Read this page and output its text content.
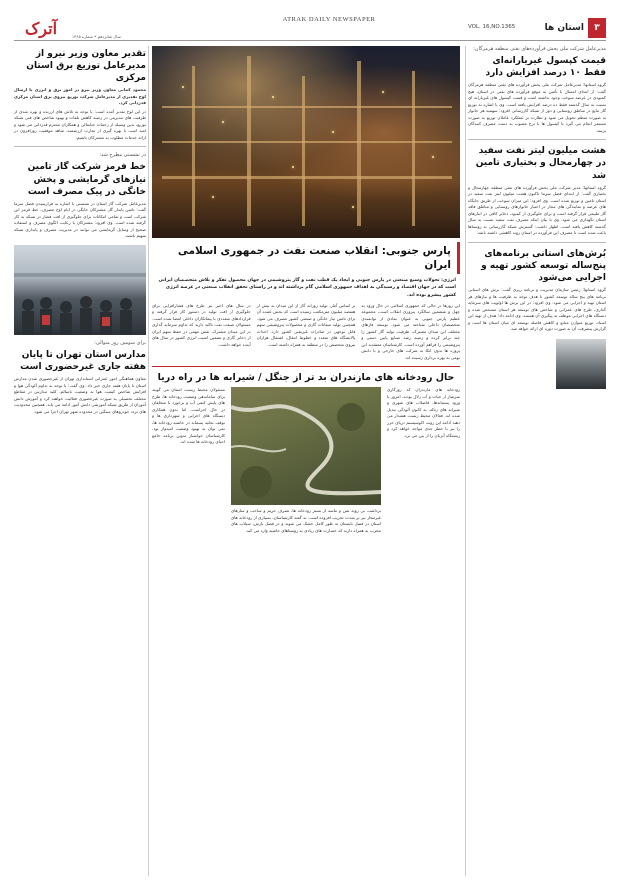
آترک	سال شانزدهم • شماره ۱۳۶۵
ATRAK DAILY NEWSPAPER
۳
استان ها
VOL. 16,NO.1365
مدیرعامل شرکت ملی پخش فرآورده‌های نفتی منطقه هرمزگان:
قیمت کپسول غیریارانه‌ای فقط ۱۰ درصد افزایش دارد
گروه استانها: مدیرعامل شرکت ملی پخش فرآورده های نفتی منطقه هرمزگان گفت: از ابتدای امسال با تأمین به موقع فرآورده های نفتی در استان، هیچ کمبودی در عرضه سوخت وجود نداشته است و قیمت کپسول های غیریارانه ای نسبت به سال گذشته فقط ده درصد افزایش یافته است. وی با اشاره به توزیع گاز مایع در مناطق روستایی و دور از شبکه گازرسانی افزود: سهمیه هر خانوار به صورت منظم تحویل می شود و نظارت بر عملکرد عاملان توزیع به صورت مستمر انجام می گیرد تا کپسول ها با نرخ مصوب به دست مصرف کنندگان برسد.
هشت میلیون لیتر نفت سفید در چهارمحال و بختیاری تامین شد
گروه استانها: مدیر شرکت ملی پخش فرآورده های نفتی منطقه چهارمحال و بختیاری گفت: از ابتدای فصل سرما تاکنون هشت میلیون لیتر نفت سفید در استان تامین و توزیع شده است. وی افزود: این میزان سوخت از طریق جایگاه های عرضه و نمایندگی های مجاز در اختیار خانوارهای روستایی و مناطق فاقد گاز طبیعی قرار گرفته است و برای جلوگیری از کمبود، ذخایر کافی در انبارهای استان نگهداری می شود. وی با بیان اینکه مصرف نفت سفید نسبت به سال گذشته کاهش یافته است، اظهار داشت: گسترش شبکه گازرسانی به روستاها باعث شده است تا مصرف این فرآورده در استان روند کاهشی داشته باشد.
بُرش‌های استانی برنامه‌های پنج‌ساله توسعه کشور تهیه و اجرایی می‌شود
گروه استانها: رئیس سازمان مدیریت و برنامه ریزی گفت: برش های استانی برنامه های پنج ساله توسعه کشور با هدف توجه به ظرفیت ها و نیازهای هر استان تهیه و اجرایی می شود. وی افزود: در این برش ها اولویت های سرمایه گذاری، طرح های عمرانی و شاخص های توسعه هر استان مشخص شده و دستگاه های اجرایی موظف به پیگیری آن هستند. وی ادامه داد: هدف از تهیه این اسناد، توزیع متوازن منابع و کاهش فاصله توسعه ای میان استان ها است و گزارش پیشرفت آن به صورت دوره ای ارائه خواهد شد.
تقدیر معاون وزیر نیرو از مدیرعامل توزیع برق استان مرکزی
محمود کمانی معاون وزیر نیرو در امور برق و انرژی با ارسال لوح تقدیری از مدیرعامل شرکت توزیع نیروی برق استان مرکزی قدردانی کرد.
در این لوح تقدیر آمده است: با توجه به تلاش های ارزنده و بهره مندی از ظرفیت های مدیریتی در زمینه کاهش تلفات و بهبود شاخص های فنی شبکه توزیع، بدین وسیله از زحمات جنابعالی و همکاران محترم قدردانی می شود و امید است با بهره گیری از تجارب ارزشمند، شاهد موفقیت روزافزون در ارائه خدمات مطلوب به مشترکان باشیم.
در نشستی مطرح شد:
خط فرمز شرکت گاز تامین نیازهای گرمایشی و پخش خانگی در پیک مصرف است
مدیرعامل شرکت گاز استان در نشستی با اشاره به فرارسیدن فصل سرما گفت: تامین پایدار گاز مشترکان خانگی در ایام اوج مصرف، خط قرمز این شرکت است و تمامی امکانات برای جلوگیری از افت فشار در شبکه به کار گرفته شده است. وی افزود: مشترکان با رعایت الگوی مصرف و استفاده صحیح از وسایل گرمایشی می توانند در مدیریت مصرف و پایداری شبکه سهیم باشند.
برای سومین روز متوالی:
مدارس استان تهران تا پایان هفته جاری غیرحضوری است
معاون هماهنگی امور عمرانی استانداری تهران از غیرحضوری شدن مدارس استان تا پایان هفته جاری خبر داد. وی گفت: با توجه به تداوم آلودگی هوا و افزایش شاخص کیفیت هوا به وضعیت ناسالم، کلیه مدارس در مقاطع مختلف تحصیلی به صورت غیرحضوری فعالیت خواهند کرد و آموزش دانش آموزان از طریق شبکه آموزشی دانش آموز ادامه می یابد. همچنین محدودیت های تردد خودروهای سنگین در محدوده شهر تهران اجرا می شود.
پارس جنوبی: انقلاب صنعت نفت در جمهوری اسلامی ایران
انرژی: تحولات وسیع صنعتی در پارس جنوبی و ایجاد یک قطب نفت و گاز پتروشیمی در جهان محصول تفکر و تلاش متخصصان ایرانی است که در جهان اقتصاد و رسیدگی به اهداف جمهوری اسلامی گام برداشته اند و در راستای تحقق انقلاب صنعتی در عرصه انرژی کشور پیشرو بوده اند.
این روزها در حالی که جمهوری اسلامی در حال ورود به چهل و ششمین سالگرد پیروزی انقلاب است، مجموعه عظیم پارس جنوبی به عنوان نمادی از توانمندی متخصصان داخلی شناخته می شود. توسعه فازهای مختلف این میدان مشترک، ظرفیت تولید گاز کشور را چند برابر کرده و زمینه رشد صنایع پایین دستی و پتروشیمی را فراهم آورده است. کارشناسان معتقدند این پروژه ها بدون اتکا به شرکت های خارجی و با دانش بومی به بهره برداری رسیده اند.
بر اساس آمار، تولید روزانه گاز از این میدان به بیش از هفتصد میلیون مترمکعب رسیده است که بخش عمده آن برای تامین نیاز خانگی و صنعتی کشور مصرف می شود. همچنین تولید میعانات گازی و محصولات پتروشیمی سهم قابل توجهی در صادرات غیرنفتی کشور دارد. احداث پالایشگاه های متعدد و خطوط انتقال، اشتغال هزاران نیروی متخصص را در منطقه به همراه داشته است.
در سال های اخیر نیز طرح های فشارافزایی برای جلوگیری از افت تولید در دستور کار قرار گرفته و قراردادهای متعددی با پیمانکاران داخلی امضا شده است. مسئولان صنعت نفت تاکید دارند که تداوم سرمایه گذاری در این میدان مشترک، نقش مهمی در حفظ سهم ایران از ذخایر گازی و تضمین امنیت انرژی کشور در سال های آینده خواهد داشت.
حال رودخانه های مازندران بد تر از جنگل / شیرابه ها در راه دریا
رودخانه های مازندران که روزگاری سرشار از حیات و آب زلال بودند، امروز با ورود پسماندها، فاضلاب های شهری و شیرابه های زباله، به کانون آلودگی تبدیل شده اند. فعالان محیط زیست هشدار می دهند ادامه این روند، اکوسیستم دریای خزر را نیز با خطر جدی مواجه خواهد کرد و زیستگاه آبزیان را از بین می برد.
برداشت بی رویه شن و ماسه از بستر رودخانه ها، تصرف حریم و ساخت و سازهای غیرمجاز نیز بر شدت تخریب افزوده است. به گفته کارشناسان، بسیاری از رودخانه های استان در فصل تابستان به طور کامل خشک می شوند و در فصل بارش، سیلاب های مخرب به همراه دارند که خسارت های زیادی به روستاهای حاشیه وارد می کند.
مسئولان محیط زیست استان می گویند برای ساماندهی وضعیت رودخانه ها، طرح های پایش کیفی آب و برخورد با متخلفان در حال اجراست، اما بدون همکاری دستگاه های اجرایی و شهرداری ها و توقف تخلیه پسماند در حاشیه رودخانه ها، نمی توان به بهبود وضعیت امیدوار بود. کارشناسان خواستار تدوین برنامه جامع احیای رودخانه ها شده اند.
